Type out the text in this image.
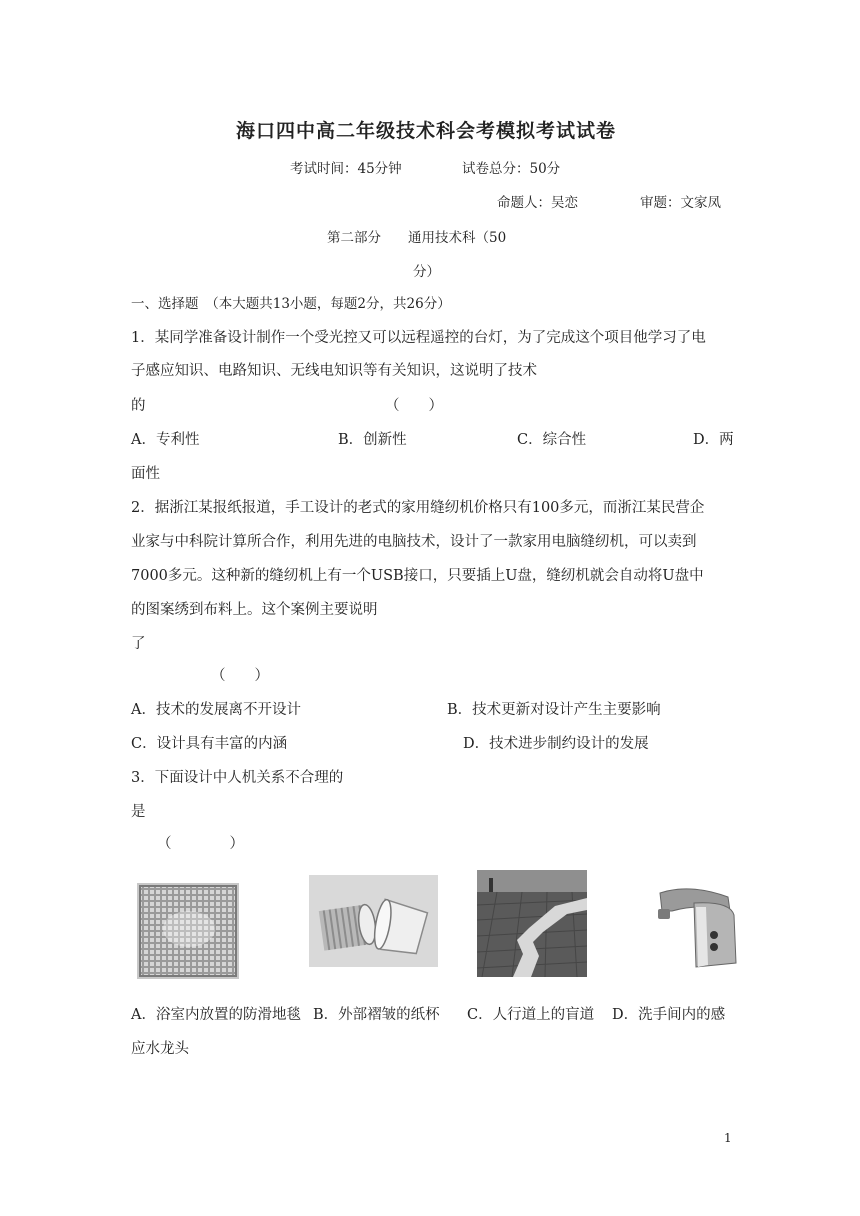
海口四中高二年级技术科会考模拟考试试卷
考试时间：45分钟	试卷总分：50分
命题人：吴恋	审题：文家凤
第二部分　　通用技术科（50
分）
一、选择题　（本大题共13小题，每题2分，共26分）
1．某同学准备设计制作一个受光控又可以远程遥控的台灯，为了完成这个项目他学习了电
子感应知识、电路知识、无线电知识等有关知识，这说明了技术
的	（　　）
A．专利性	B．创新性	C．综合性	D．两
面性
2．据浙江某报纸报道，手工设计的老式的家用缝纫机价格只有100多元，而浙江某民营企
业家与中科院计算所合作，利用先进的电脑技术，设计了一款家用电脑缝纫机，可以卖到
7000多元。这种新的缝纫机上有一个USB接口，只要插上U盘，缝纫机就会自动将U盘中
的图案绣到布料上。这个案例主要说明
了
（　　）
A．技术的发展离不开设计	B．技术更新对设计产生主要影响
C．设计具有丰富的内涵	D．技术进步制约设计的发展
3．下面设计中人机关系不合理的
是
（　　　　）
A．浴室内放置的防滑地毯 B．外部褶皱的纸杯 C．人行道上的盲道 D．洗手间内的感
应水龙头
1
